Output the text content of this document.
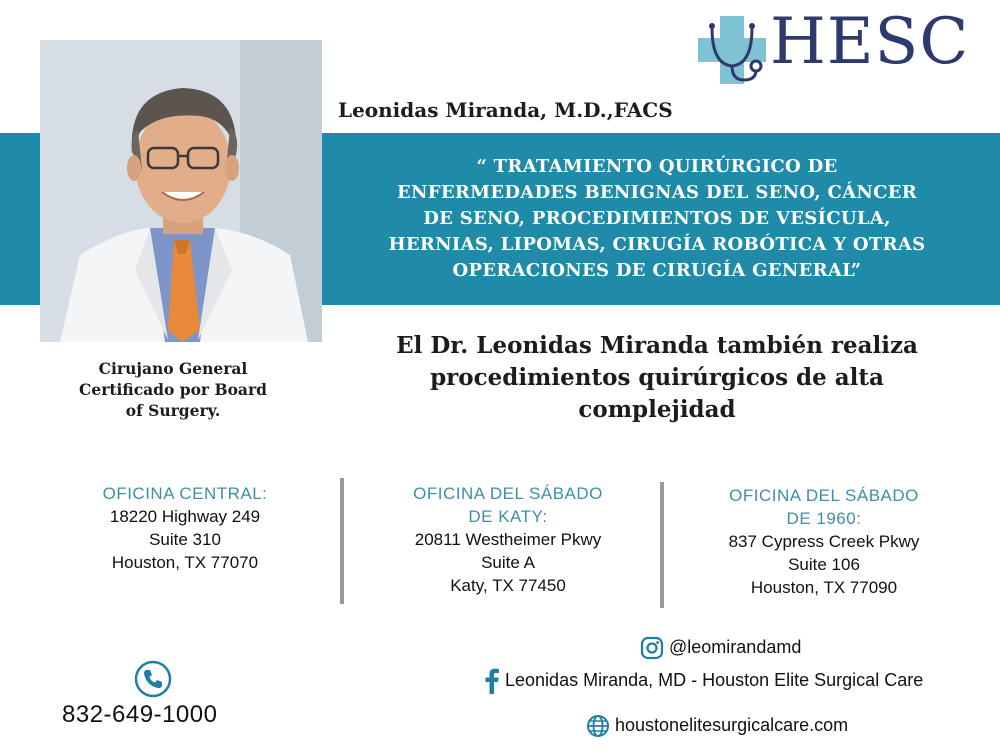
HESC
Leonidas Miranda, M.D.,FACS
“ TRATAMIENTO QUIRÚRGICO DE
ENFERMEDADES BENIGNAS DEL SENO, CÁNCER
DE SENO, PROCEDIMIENTOS DE VESÍCULA,
HERNIAS, LIPOMAS, CIRUGÍA ROBÓTICA Y OTRAS
OPERACIONES DE CIRUGÍA GENERAL”
Cirujano General
Certificado por Board
of Surgery.
El Dr. Leonidas Miranda también realiza
procedimientos quirúrgicos de alta
complejidad
OFICINA CENTRAL:
18220 Highway 249
Suite 310
Houston, TX 77070
OFICINA DEL SÁBADO
DE KATY:
20811 Westheimer Pkwy
Suite A
Katy, TX 77450
OFICINA DEL SÁBADO
DE 1960:
837 Cypress Creek Pkwy
Suite 106
Houston, TX 77090
@leomirandamd
Leonidas Miranda, MD - Houston Elite Surgical Care
houstonelitesurgicalcare.com
832-649-1000
